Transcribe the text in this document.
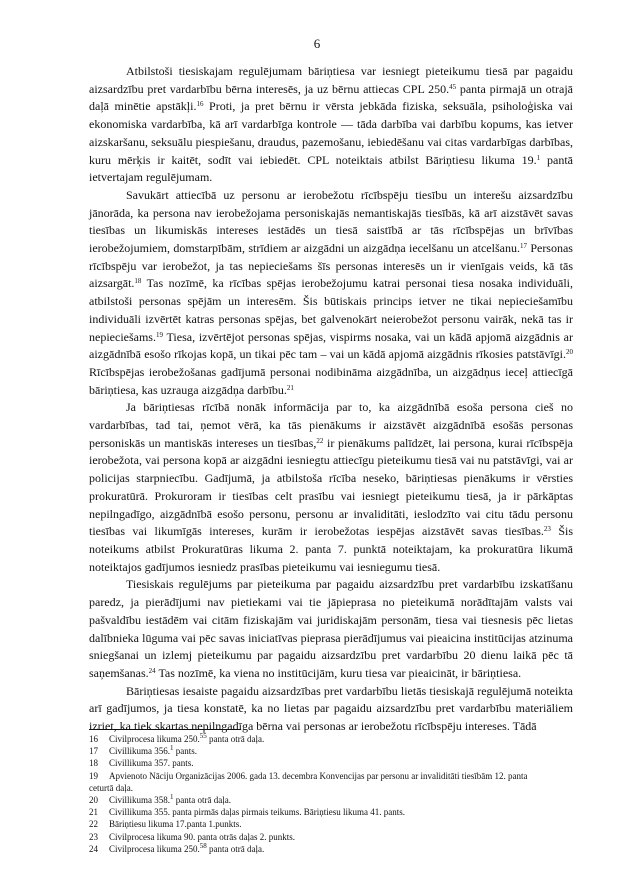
6

Atbilstoši tiesiskajam regulējumam bāriņtiesa var iesniegt pieteikumu tiesā par pagaidu aizsardzību pret vardarbību bērna interesēs, ja uz bērnu attiecas CPL 250.45 panta pirmajā un otrajā daļā minētie apstākļi.$^{16}$ Proti, ja pret bērnu ir vērsta jebkāda fiziska, seksuāla, psiholoģiska vai ekonomiska vardarbība, kā arī vardarbīga kontrole — tāda darbība vai darbību kopums, kas ietver aizskaršanu, seksuālu piespiešanu, draudus, pazemošanu, iebiedēšanu vai citas vardarbīgas darbības, kuru mērķis ir kaitēt, sodīt vai iebiedēt. CPL noteiktais atbilst Bāriņtiesu likuma 19.$^1$ pantā ietvertajam regulējumam.

Savukārt attiecībā uz personu ar ierobežotu rīcībspēju tiesību un interešu aizsardzību jānorāda, ka persona nav ierobežojama personiskajās nemantiskajās tiesībās, kā arī aizstāvēt savas tiesības un likumiskās intereses iestādēs un tiesā saistībā ar tās rīcībspējas un brīvības ierobežojumiem, domstarpībām, strīdiem ar aizgādni un aizgādņa iecelšanu un atcelšanu.$^{17}$ Personas rīcībspēju var ierobežot, ja tas nepieciešams šīs personas interesēs un ir vienīgais veids, kā tās aizsargāt.$^{18}$ Tas nozīmē, ka rīcības spējas ierobežojumu katrai personai tiesa nosaka individuāli, atbilstoši personas spējām un interesēm. Šis būtiskais princips ietver ne tikai nepieciešamību individuāli izvērtēt katras personas spējas, bet galvenokārt neierobežot personu vairāk, nekā tas ir nepieciešams.$^{19}$ Tiesa, izvērtējot personas spējas, vispirms nosaka, vai un kādā apjomā aizgādnis ar aizgādnībā esošo rīkojas kopā, un tikai pēc tam – vai un kādā apjomā aizgādnis rīkosies patstāvīgi.$^{20}$ Rīcībspējas ierobežošanas gadījumā personai nodibināma aizgādnība, un aizgādņus ieceļ attiecīgā bāriņtiesa, kas uzrauga aizgādņa darbību.$^{21}$

Ja bāriņtiesas rīcībā nonāk informācija par to, ka aizgādnībā esoša persona cieš no vardarbības, tad tai, ņemot vērā, ka tās pienākums ir aizstāvēt aizgādnībā esošās personas personiskās un mantiskās intereses un tiesības,$^{22}$ ir pienākums palīdzēt, lai persona, kurai rīcībspēja ierobežota, vai persona kopā ar aizgādni iesniegtu attiecīgu pieteikumu tiesā vai nu patstāvīgi, vai ar policijas starpniecību. Gadījumā, ja atbilstoša rīcība neseko, bāriņtiesas pienākums ir vērsties prokuratūrā. Prokuroram ir tiesības celt prasību vai iesniegt pieteikumu tiesā, ja ir pārkāptas nepilngadīgo, aizgādnībā esošo personu, personu ar invaliditāti, ieslodzīto vai citu tādu personu tiesības vai likumīgās intereses, kurām ir ierobežotas iespējas aizstāvēt savas tiesības.$^{23}$ Šis noteikums atbilst Prokuratūras likuma 2. panta 7. punktā noteiktajam, ka prokuratūra likumā noteiktajos gadījumos iesniedz prasības pieteikumu vai iesniegumu tiesā.

Tiesiskais regulējums par pieteikuma par pagaidu aizsardzību pret vardarbību izskatīšanu paredz, ja pierādījumi nav pietiekami vai tie jāpieprasa no pieteikumā norādītajām valsts vai pašvaldību iestādēm vai citām fiziskajām vai juridiskajām personām, tiesa vai tiesnesis pēc lietas dalībnieka lūguma vai pēc savas iniciatīvas pieprasa pierādījumus vai pieaicina institūcijas atzinuma sniegšanai un izlemj pieteikumu par pagaidu aizsardzību pret vardarbību 20 dienu laikā pēc tā saņemšanas.$^{24}$ Tas nozīmē, ka viena no institūcijām, kuru tiesa var pieaicināt, ir bāriņtiesa.

Bāriņtiesas iesaiste pagaidu aizsardzības pret vardarbību lietās tiesiskajā regulējumā noteikta arī gadījumos, ja tiesa konstatē, ka no lietas par pagaidu aizsardzību pret vardarbību materiāliem izriet, ka tiek skartas nepilngadīga bērna vai personas ar ierobežotu rīcībspēju intereses. Tādā

16 Civilprocesa likuma 250.55 panta otrā daļa.
17 Civillikuma 356.$^1$ pants.
18 Civillikuma 357. pants.
19 Apvienoto Nāciju Organizācijas 2006. gada 13. decembra Konvencijas par personu ar invaliditāti tiesībām 12. panta
ceturtā daļa.
20 Civillikuma 358.$^1$ panta otrā daļa.
21 Civillikuma 355. panta pirmās daļas pirmais teikums. Bāriņtiesu likuma 41. pants.
22 Bāriņtiesu likuma 17.panta 1.punkts.
23 Civilprocesa likuma 90. panta otrās daļas 2. punkts.
24 Civilprocesa likuma 250.58 panta otrā daļa.
